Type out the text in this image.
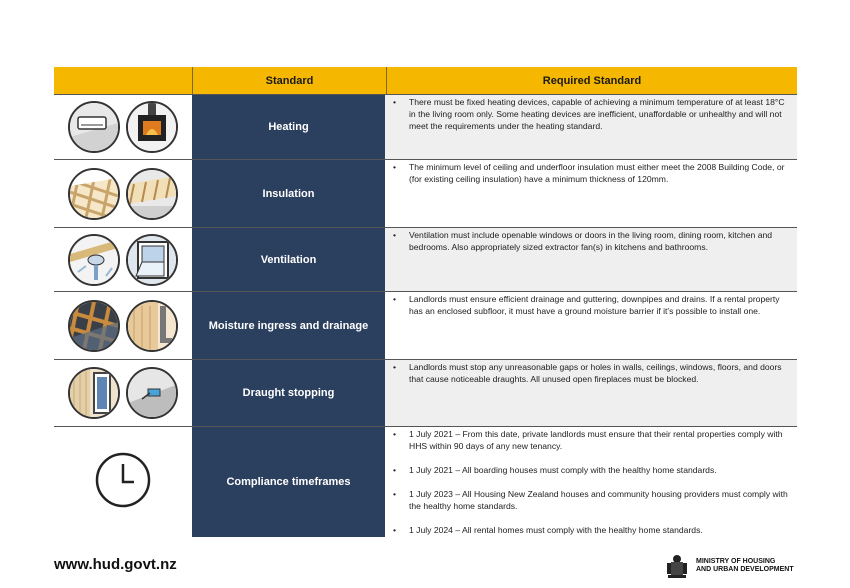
Standard	Required Standard
Heating
• There must be fixed heating devices, capable of achieving a minimum temperature of at least 18°C in the living room only. Some heating devices are inefficient, unaffordable or unhealthy and will not meet the requirements under the heating standard.
Insulation
• The minimum level of ceiling and underfloor insulation must either meet the 2008 Building Code, or (for existing ceiling insulation) have a minimum thickness of 120mm.
Ventilation
• Ventilation must include openable windows or doors in the living room, dining room, kitchen and bedrooms. Also appropriately sized extractor fan(s) in kitchens and bathrooms.
Moisture ingress and drainage
• Landlords must ensure efficient drainage and guttering, downpipes and drains. If a rental property has an enclosed subfloor, it must have a ground moisture barrier if it's possible to install one.
Draught stopping
• Landlords must stop any unreasonable gaps or holes in walls, ceilings, windows, floors, and doors that cause noticeable draughts. All unused open fireplaces must be blocked.
Compliance timeframes
• 1 July 2021 – From this date, private landlords must ensure that their rental properties comply with HHS within 90 days of any new tenancy.
• 1 July 2021 – All boarding houses must comply with the healthy home standards.
• 1 July 2023 – All Housing New Zealand houses and community housing providers must comply with the healthy home standards.
• 1 July 2024 – All rental homes must comply with the healthy home standards.
www.hud.govt.nz	MINISTRY OF HOUSING
AND URBAN DEVELOPMENT
